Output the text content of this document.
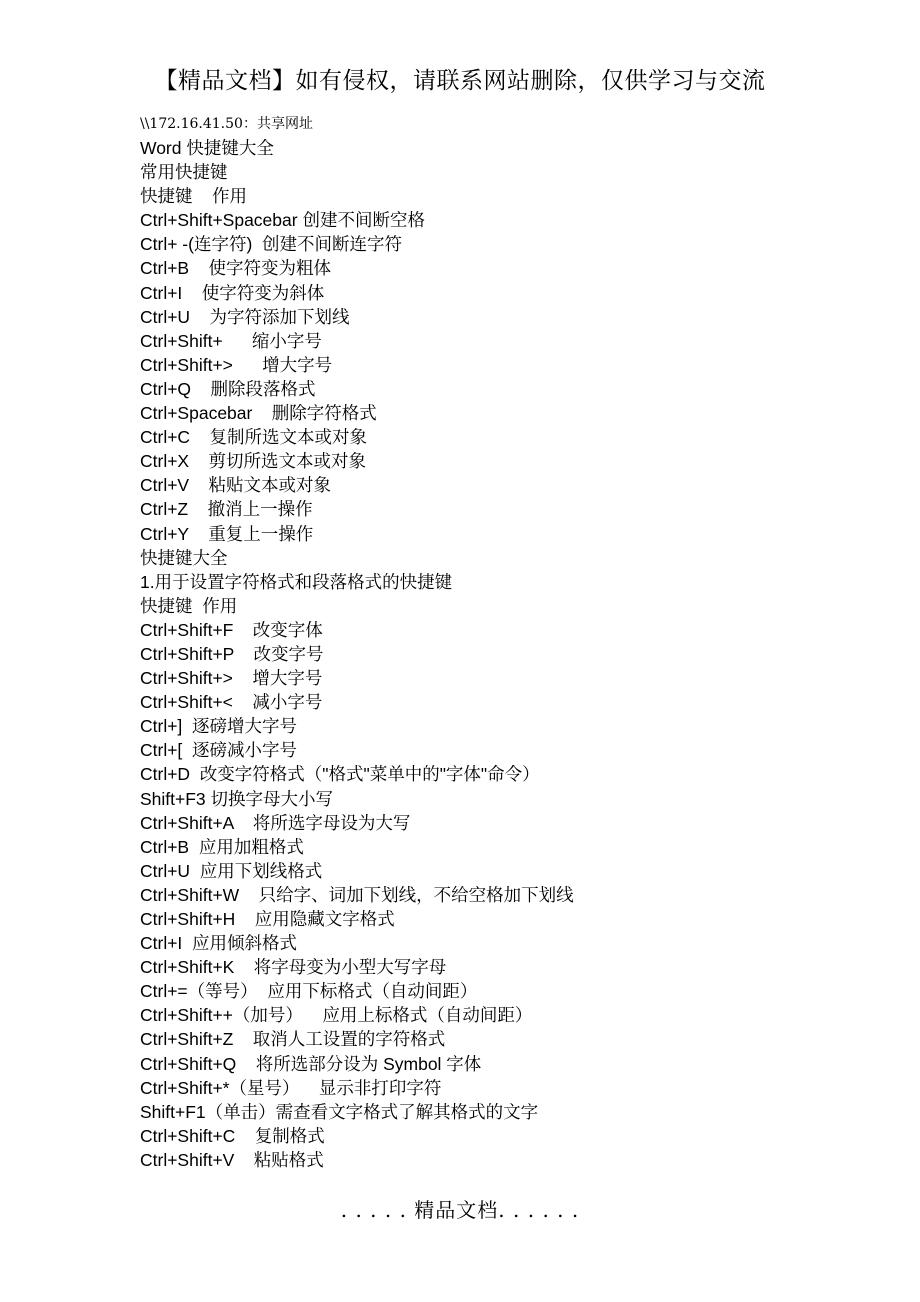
【精品文档】如有侵权，请联系网站删除，仅供学习与交流
\\172.16.41.50：共享网址
Word 快捷键大全
常用快捷键
快捷键    作用
Ctrl+Shift+Spacebar 创建不间断空格
Ctrl+ -(连字符)  创建不间断连字符
Ctrl+B    使字符变为粗体
Ctrl+I    使字符变为斜体
Ctrl+U    为字符添加下划线
Ctrl+Shift+      缩小字号
Ctrl+Shift+>      增大字号
Ctrl+Q    删除段落格式
Ctrl+Spacebar    删除字符格式
Ctrl+C    复制所选文本或对象
Ctrl+X    剪切所选文本或对象
Ctrl+V    粘贴文本或对象
Ctrl+Z    撤消上一操作
Ctrl+Y    重复上一操作
快捷键大全
1.用于设置字符格式和段落格式的快捷键
快捷键  作用
Ctrl+Shift+F    改变字体
Ctrl+Shift+P    改变字号
Ctrl+Shift+>    增大字号
Ctrl+Shift+<    减小字号
Ctrl+]  逐磅增大字号
Ctrl+[  逐磅减小字号
Ctrl+D  改变字符格式（"格式"菜单中的"字体"命令）
Shift+F3 切换字母大小写
Ctrl+Shift+A    将所选字母设为大写
Ctrl+B  应用加粗格式
Ctrl+U  应用下划线格式
Ctrl+Shift+W    只给字、词加下划线，不给空格加下划线
Ctrl+Shift+H    应用隐藏文字格式
Ctrl+I  应用倾斜格式
Ctrl+Shift+K    将字母变为小型大写字母
Ctrl+=（等号）  应用下标格式（自动间距）
Ctrl+Shift++（加号）    应用上标格式（自动间距）
Ctrl+Shift+Z    取消人工设置的字符格式
Ctrl+Shift+Q    将所选部分设为 Symbol 字体
Ctrl+Shift+*（星号）    显示非打印字符
Shift+F1（单击）需查看文字格式了解其格式的文字
Ctrl+Shift+C    复制格式
Ctrl+Shift+V    粘贴格式
. . . . . 精品文档. . . . . .
